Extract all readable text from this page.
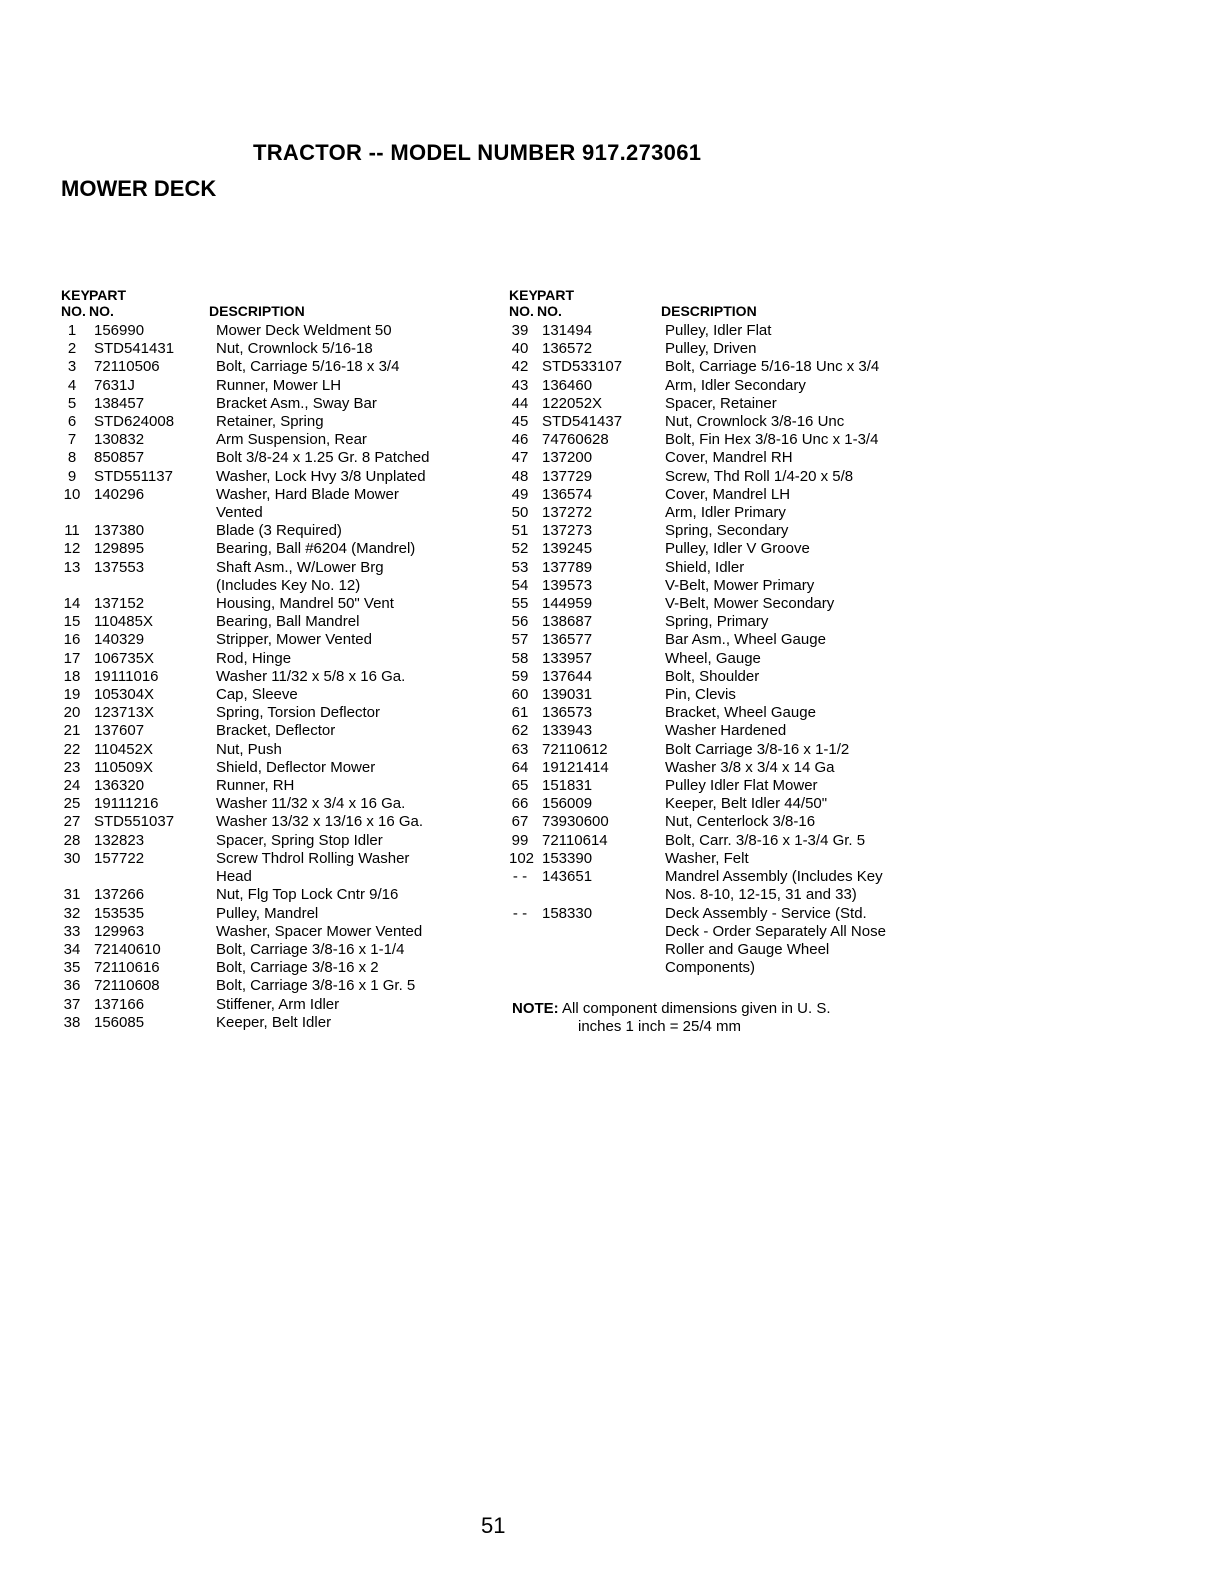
TRACTOR -- MODEL NUMBER 917.273061
MOWER DECK
KEY
NO.
PART
NO.	DESCRIPTION
1	156990	Mower Deck Weldment 50
2	STD541431	Nut, Crownlock 5/16-18
3	72110506	Bolt, Carriage 5/16-18 x 3/4
4	7631J	Runner, Mower LH
5	138457	Bracket Asm., Sway Bar
6	STD624008	Retainer, Spring
7	130832	Arm Suspension, Rear
8	850857	Bolt 3/8-24 x 1.25 Gr. 8 Patched
9	STD551137	Washer, Lock Hvy 3/8 Unplated
10 140296	Washer, Hard Blade Mower
Vented
11 137380	Blade (3 Required)
12 129895	Bearing, Ball #6204 (Mandrel)
13 137553	Shaft Asm., W/Lower Brg
(Includes Key No. 12)
14 137152	Housing, Mandrel 50" Vent
15 110485X	Bearing, Ball Mandrel
16 140329	Stripper, Mower Vented
17 106735X	Rod, Hinge
18 19111016	Washer 11/32 x 5/8 x 16 Ga.
19 105304X	Cap, Sleeve
20 123713X	Spring, Torsion Deflector
21 137607	Bracket, Deflector
22 110452X	Nut, Push
23 110509X	Shield, Deflector Mower
24 136320	Runner, RH
25 19111216	Washer 11/32 x 3/4 x 16 Ga.
27 STD551037	Washer 13/32 x 13/16 x 16 Ga.
28 132823	Spacer, Spring Stop Idler
30 157722	Screw Thdrol Rolling Washer
Head
31 137266	Nut, Flg Top Lock Cntr 9/16
32 153535	Pulley, Mandrel
33 129963	Washer, Spacer Mower Vented
34 72140610	Bolt, Carriage 3/8-16 x 1-1/4
35 72110616	Bolt, Carriage 3/8-16 x 2
36 72110608	Bolt, Carriage 3/8-16 x 1 Gr. 5
37 137166	Stiffener, Arm Idler
38 156085	Keeper, Belt Idler
KEY
NO.
PART
NO.	DESCRIPTION
39 131494	Pulley, Idler Flat
40 136572	Pulley, Driven
42 STD533107	Bolt, Carriage 5/16-18 Unc x 3/4
43 136460	Arm, Idler Secondary
44 122052X	Spacer, Retainer
45 STD541437	Nut, Crownlock 3/8-16 Unc
46 74760628	Bolt, Fin Hex 3/8-16 Unc x 1-3/4
47 137200	Cover, Mandrel RH
48 137729	Screw, Thd Roll 1/4-20 x 5/8
49 136574	Cover, Mandrel LH
50 137272	Arm, Idler Primary
51 137273	Spring, Secondary
52 139245	Pulley, Idler V Groove
53 137789	Shield, Idler
54 139573	V-Belt, Mower Primary
55 144959	V-Belt, Mower Secondary
56 138687	Spring, Primary
57 136577	Bar Asm., Wheel Gauge
58 133957	Wheel, Gauge
59 137644	Bolt, Shoulder
60 139031	Pin, Clevis
61 136573	Bracket, Wheel Gauge
62 133943	Washer Hardened
63 72110612	Bolt Carriage 3/8-16 x 1-1/2
64 19121414	Washer 3/8 x 3/4 x 14 Ga
65 151831	Pulley Idler Flat Mower
66 156009	Keeper, Belt Idler 44/50"
67 73930600	Nut, Centerlock 3/8-16
99 72110614	Bolt, Carr. 3/8-16 x 1-3/4 Gr. 5
102 153390	Washer, Felt
- - 143651	Mandrel Assembly (Includes Key
Nos. 8-10, 12-15, 31 and 33)
- - 158330	Deck Assembly - Service (Std.
Deck - Order Separately All Nose
Roller and Gauge Wheel
Components)
NOTE: All component dimensions given in U. S.
inches 1 inch = 25/4 mm
51
